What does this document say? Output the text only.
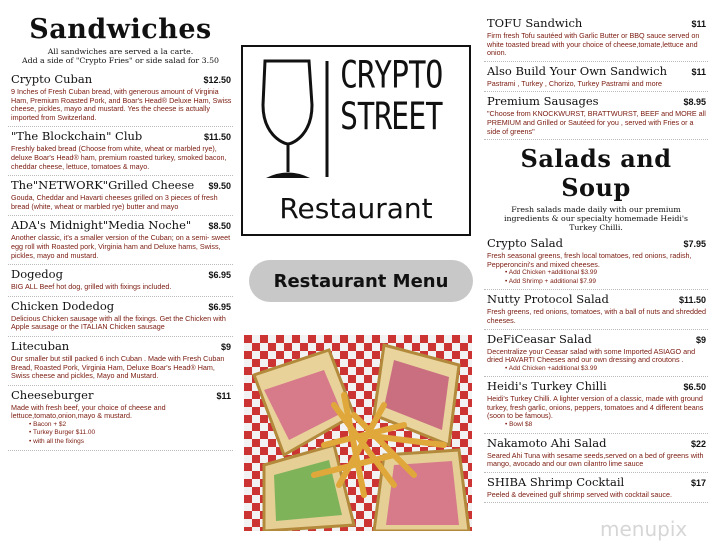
Sandwiches
All sandwiches are served a la carte.
Add a side of "Crypto Fries" or side salad for 3.50
Crypto Cuban	$12.50
9 Inches of Fresh Cuban bread, with generous amount of Virginia Ham, Premium Roasted Pork, and Boar's Head® Deluxe Ham, Swiss cheese, pickles, mayo and mustard. Yes the cheese is actually imported from Switzerland.
"The Blockchain" Club	$11.50
Freshly baked bread (Choose from white, wheat or marbled rye), deluxe Boar's Head® ham, premium roasted turkey, smoked bacon, cheddar cheese, lettuce, tomatoes & mayo.
The"NETWORK"Grilled Cheese $9.50
Gouda, Cheddar and Havarti cheeses grilled on 3 pieces of fresh bread (white, wheat or marbled rye) butter and mayo
ADA's Midnight"Media Noche" $8.50
Another classic, it's a smaller version of the Cuban; on a semi- sweet egg roll with Roasted pork, Virginia ham and Deluxe hams, Swiss, pickles, mayo and mustard.
Dogedog	$6.95
BIG ALL Beef hot dog, grilled with fixings included.
Chicken Dodedog	$6.95
Delicious Chicken sausage with all the fixings. Get the Chicken with Apple sausage or the ITALIAN Chicken sausage
Litecuban	$9
Our smaller but still packed 6 inch Cuban . Made with Fresh Cuban Bread, Roasted Pork, Virginia Ham, Deluxe Boar's Head® Ham, Swiss cheese and pickles, Mayo and Mustard.
Cheeseburger	$11
Made with fresh beef, your choice of cheese and lettuce,tomato,onion,mayo & mustard.
• Bacon + $2
• Turkey Burger $11.00
• with all the fixings
CRYPTO
STREET
Restaurant
Restaurant Menu
TOFU Sandwich	$11
Firm fresh Tofu sautéed with Garlic Butter or BBQ sauce served on white toasted bread with your choice of cheese,tomate,lettuce and onion.
Also Build Your Own Sandwich	$11
Pastrami , Turkey , Chorizo, Turkey Pastrami and more
Premium Sausages	$8.95
"Choose from KNOCKWURST, BRATTWURST, BEEF and MORE all PREMIUM and Grilled or Sautéed for you , served with Fries or a side of greens"
Salads and Soup
Fresh salads made daily with our premium ingredients & our specialty homemade Heidi's Turkey Chilli.
Crypto Salad	$7.95
Fresh seasonal greens, fresh local tomatoes, red onions, radish, Pepperoncini's and mixed cheeses.
• Add Chicken +additional $3.99
• Add Shrimp + additional $7.99
Nutty Protocol Salad	$11.50
Fresh greens, red onions, tomatoes, with a ball of nuts and shredded cheeses.
DeFiCeasar Salad	$9
Decentralize your Ceasar salad with some Imported ASIAGO and dried HAVARTI Cheeses and our own dressing and croutons .
• Add Chicken +additional $3.99
Heidi's Turkey Chilli	$6.50
Heidi's Turkey Chilli. A lighter version of a classic, made with ground turkey, fresh garlic, onions, peppers, tomatoes and 4 different beans (soon to be famous).
• Bowl $8
Nakamoto Ahi Salad	$22
Seared Ahi Tuna with sesame seeds,served on a bed of greens with mango, avocado and our own cilantro lime sauce
SHIBA Shrimp Cocktail	$17
Peeled & deveined gulf shrimp served with cocktail sauce.
menupix
